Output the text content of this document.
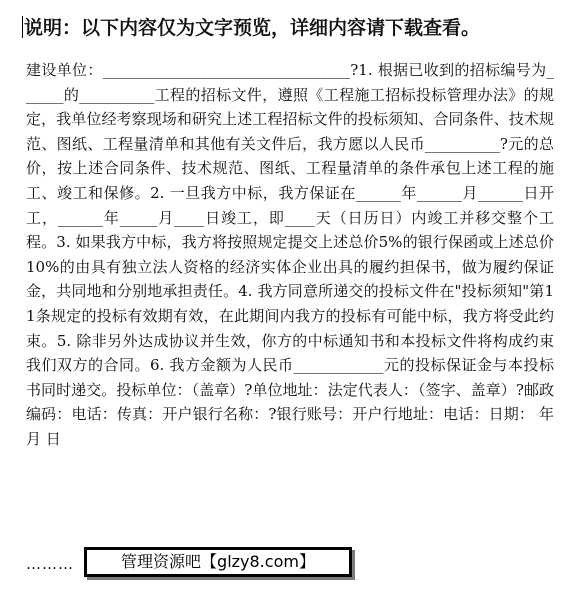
说明：以下内容仅为文字预览，详细内容请下载查看。
建设单位：_________________________________?1. 根据已收到的招标编号为______的__________工程的招标文件，遵照《工程施工招标投标管理办法》的规定，我单位经考察现场和研究上述工程招标文件的投标须知、合同条件、技术规范、图纸、工程量清单和其他有关文件后，我方愿以人民币__________?元的总价，按上述合同条件、技术规范、图纸、工程量清单的条件承包上述工程的施工、竣工和保修。2. 一旦我方中标，我方保证在______年______月______日开工，______年_____月____日竣工，即____天（日历日）内竣工并移交整个工程。3. 如果我方中标，我方将按照规定提交上述总价5%的银行保函或上述总价10%的由具有独立法人资格的经济实体企业出具的履约担保书，做为履约保证金，共同地和分别地承担责任。4. 我方同意所递交的投标文件在"投标须知"第11条规定的投标有效期有效，在此期间内我方的投标有可能中标，我方将受此约束。5. 除非另外达成协议并生效，你方的中标通知书和本投标文件将构成约束我们双方的合同。6. 我方金额为人民币____________元的投标保证金与本投标书同时递交。投标单位：（盖章）?单位地址：法定代表人：（签字、盖章）?邮政编码：电话：传真：开户银行名称：?银行账号：开户行地址：电话：日期： 年 月 日
………	管理资源吧【glzy8.com】
